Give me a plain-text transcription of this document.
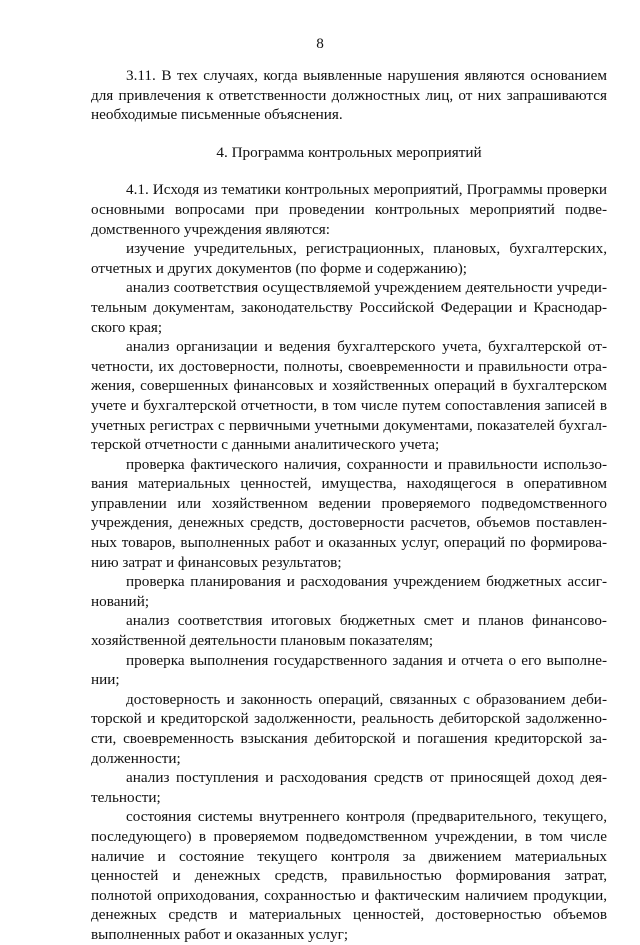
8

3.11. В тех случаях, когда выявленные нарушения являются основанием для привлечения к ответственности должностных лиц, от них запрашиваются необходимые письменные объяснения.

4. Программа контрольных мероприятий

4.1. Исходя из тематики контрольных мероприятий, Программы проверки основными вопросами при проведении контрольных мероприятий подведомственного учреждения являются:

изучение учредительных, регистрационных, плановых, бухгалтерских, отчетных и других документов (по форме и содержанию);

анализ соответствия осуществляемой учреждением деятельности учредительным документам, законодательству Российской Федерации и Краснодарского края;

анализ организации и ведения бухгалтерского учета, бухгалтерской отчетности, их достоверности, полноты, своевременности и правильности отражения, совершенных финансовых и хозяйственных операций в бухгалтерском учете и бухгалтерской отчетности, в том числе путем сопоставления записей в учетных регистрах с первичными учетными документами, показателей бухгалтерской отчетности с данными аналитического учета;

проверка фактического наличия, сохранности и правильности использования материальных ценностей, имущества, находящегося в оперативном управлении или хозяйственном ведении проверяемого подведомственного учреждения, денежных средств, достоверности расчетов, объемов поставленных товаров, выполненных работ и оказанных услуг, операций по формированию затрат и финансовых результатов;

проверка планирования и расходования учреждением бюджетных ассигнований;

анализ соответствия итоговых бюджетных смет и планов финансово-хозяйственной деятельности плановым показателям;

проверка выполнения государственного задания и отчета о его выполнении;

достоверность и законность операций, связанных с образованием дебиторской и кредиторской задолженности, реальность дебиторской задолженности, своевременность взыскания дебиторской и погашения кредиторской задолженности;

анализ поступления и расходования средств от приносящей доход деятельности;

состояния системы внутреннего контроля (предварительного, текущего, последующего) в проверяемом подведомственном учреждении, в том числе наличие и состояние текущего контроля за движением материальных ценностей и денежных средств, правильностью формирования затрат, полнотой оприходования, сохранностью и фактическим наличием продукции, денежных средств и материальных ценностей, достоверностью объемов выполненных работ и оказанных услуг;
